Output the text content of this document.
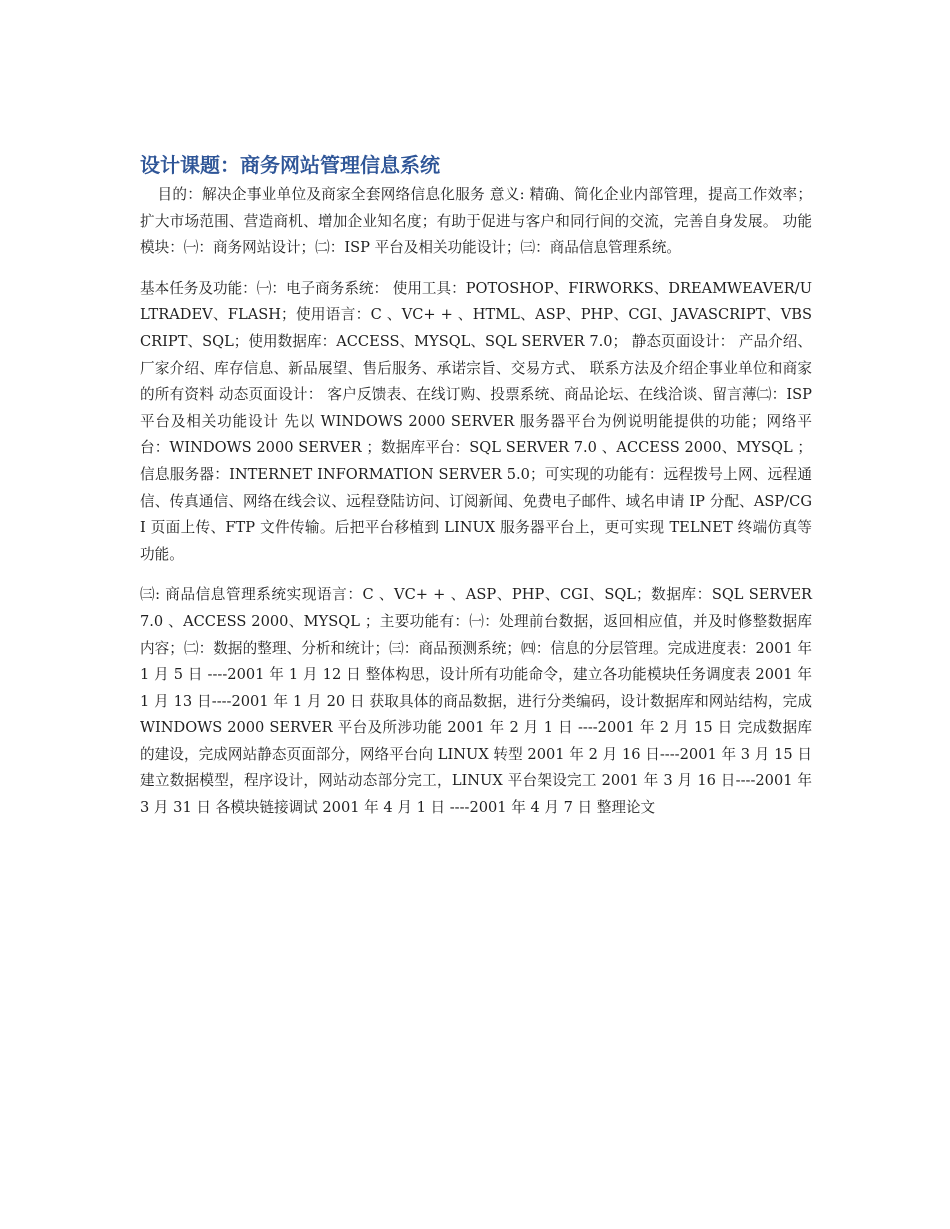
设计课题：商务网站管理信息系统

目的：解决企事业单位及商家全套网络信息化服务 意义: 精确、简化企业内部管理，提高工作效率；扩大市场范围、营造商机、增加企业知名度；有助于促进与客户和同行间的交流，完善自身发展。 功能模块：㈠：商务网站设计；㈡：ISP 平台及相关功能设计；㈢：商品信息管理系统。

基本任务及功能：㈠：电子商务系统： 使用工具：POTOSHOP、FIRWORKS、DREAMWEAVER/ULTRADEV、FLASH；使用语言：C 、VC+ + 、HTML、ASP、PHP、CGI、JAVASCRIPT、VBSCRIPT、SQL；使用数据库：ACCESS、MYSQL、SQL SERVER 7.0； 静态页面设计： 产品介绍、厂家介绍、库存信息、新品展望、售后服务、承诺宗旨、交易方式、 联系方法及介绍企事业单位和商家的所有资料 动态页面设计： 客户反馈表、在线订购、投票系统、商品论坛、在线洽谈、留言薄㈡：ISP 平台及相关功能设计 先以 WINDOWS 2000 SERVER 服务器平台为例说明能提供的功能；网络平台：WINDOWS 2000 SERVER ；数据库平台：SQL SERVER 7.0 、ACCESS 2000、MYSQL ；信息服务器：INTERNET INFORMATION SERVER 5.0；可实现的功能有：远程拨号上网、远程通信、传真通信、网络在线会议、远程登陆访问、订阅新闻、免费电子邮件、域名申请 IP 分配、ASP/CGI 页面上传、FTP 文件传输。后把平台移植到 LINUX 服务器平台上，更可实现 TELNET 终端仿真等功能。

㈢: 商品信息管理系统实现语言：C 、VC+ + 、ASP、PHP、CGI、SQL；数据库：SQL SERVER 7.0 、ACCESS 2000、MYSQL ；主要功能有：㈠：处理前台数据，返回相应值，并及时修整数据库内容；㈡：数据的整理、分析和统计；㈢：商品预测系统；㈣：信息的分层管理。完成进度表：2001 年 1 月 5 日 ----2001 年 1 月 12 日 整体构思，设计所有功能命令，建立各功能模块任务调度表 2001 年 1 月 13 日----2001 年 1 月 20 日 获取具体的商品数据，进行分类编码，设计数据库和网站结构，完成 WINDOWS 2000 SERVER 平台及所涉功能 2001 年 2 月 1 日 ----2001 年 2 月 15 日 完成数据库的建设，完成网站静态页面部分，网络平台向 LINUX 转型 2001 年 2 月 16 日----2001 年 3 月 15 日 建立数据模型，程序设计，网站动态部分完工，LINUX 平台架设完工 2001 年 3 月 16 日----2001 年 3 月 31 日 各模块链接调试 2001 年 4 月 1 日 ----2001 年 4 月 7 日 整理论文
